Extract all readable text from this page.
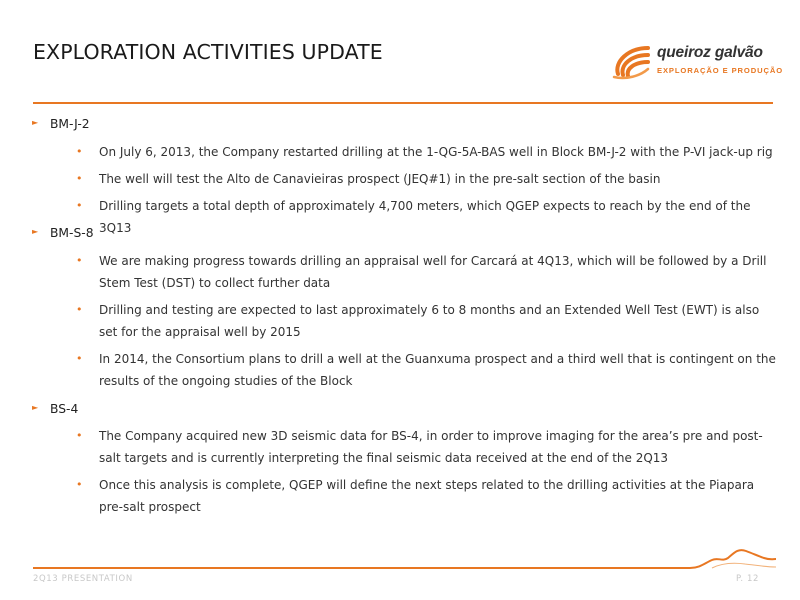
EXPLORATION ACTIVITIES UPDATE	queiroz galvão
EXPLORAÇÃO E PRODUÇÃO
► BM-J-2
• On July 6, 2013, the Company restarted drilling at the 1-QG-5A-BAS well in Block BM-J-2 with the P-VI jack-up rig
• The well will test the Alto de Canavieiras prospect (JEQ#1) in the pre-salt section of the basin
• Drilling targets a total depth of approximately 4,700 meters, which QGEP expects to reach by the end of the 3Q13
► BM-S-8
• We are making progress towards drilling an appraisal well for Carcará at 4Q13, which will be followed by a Drill Stem Test (DST) to collect further data
• Drilling and testing are expected to last approximately 6 to 8 months and an Extended Well Test (EWT) is also set for the appraisal well by 2015
• In 2014, the Consortium plans to drill a well at the Guanxuma prospect and a third well that is contingent on the results of the ongoing studies of the Block
► BS-4
• The Company acquired new 3D seismic data for BS-4, in order to improve imaging for the area’s pre and post-salt targets and is currently interpreting the final seismic data received at the end of the 2Q13
• Once this analysis is complete, QGEP will define the next steps related to the drilling activities at the Piapara pre-salt prospect
2Q13 PRESENTATION	P. 12
